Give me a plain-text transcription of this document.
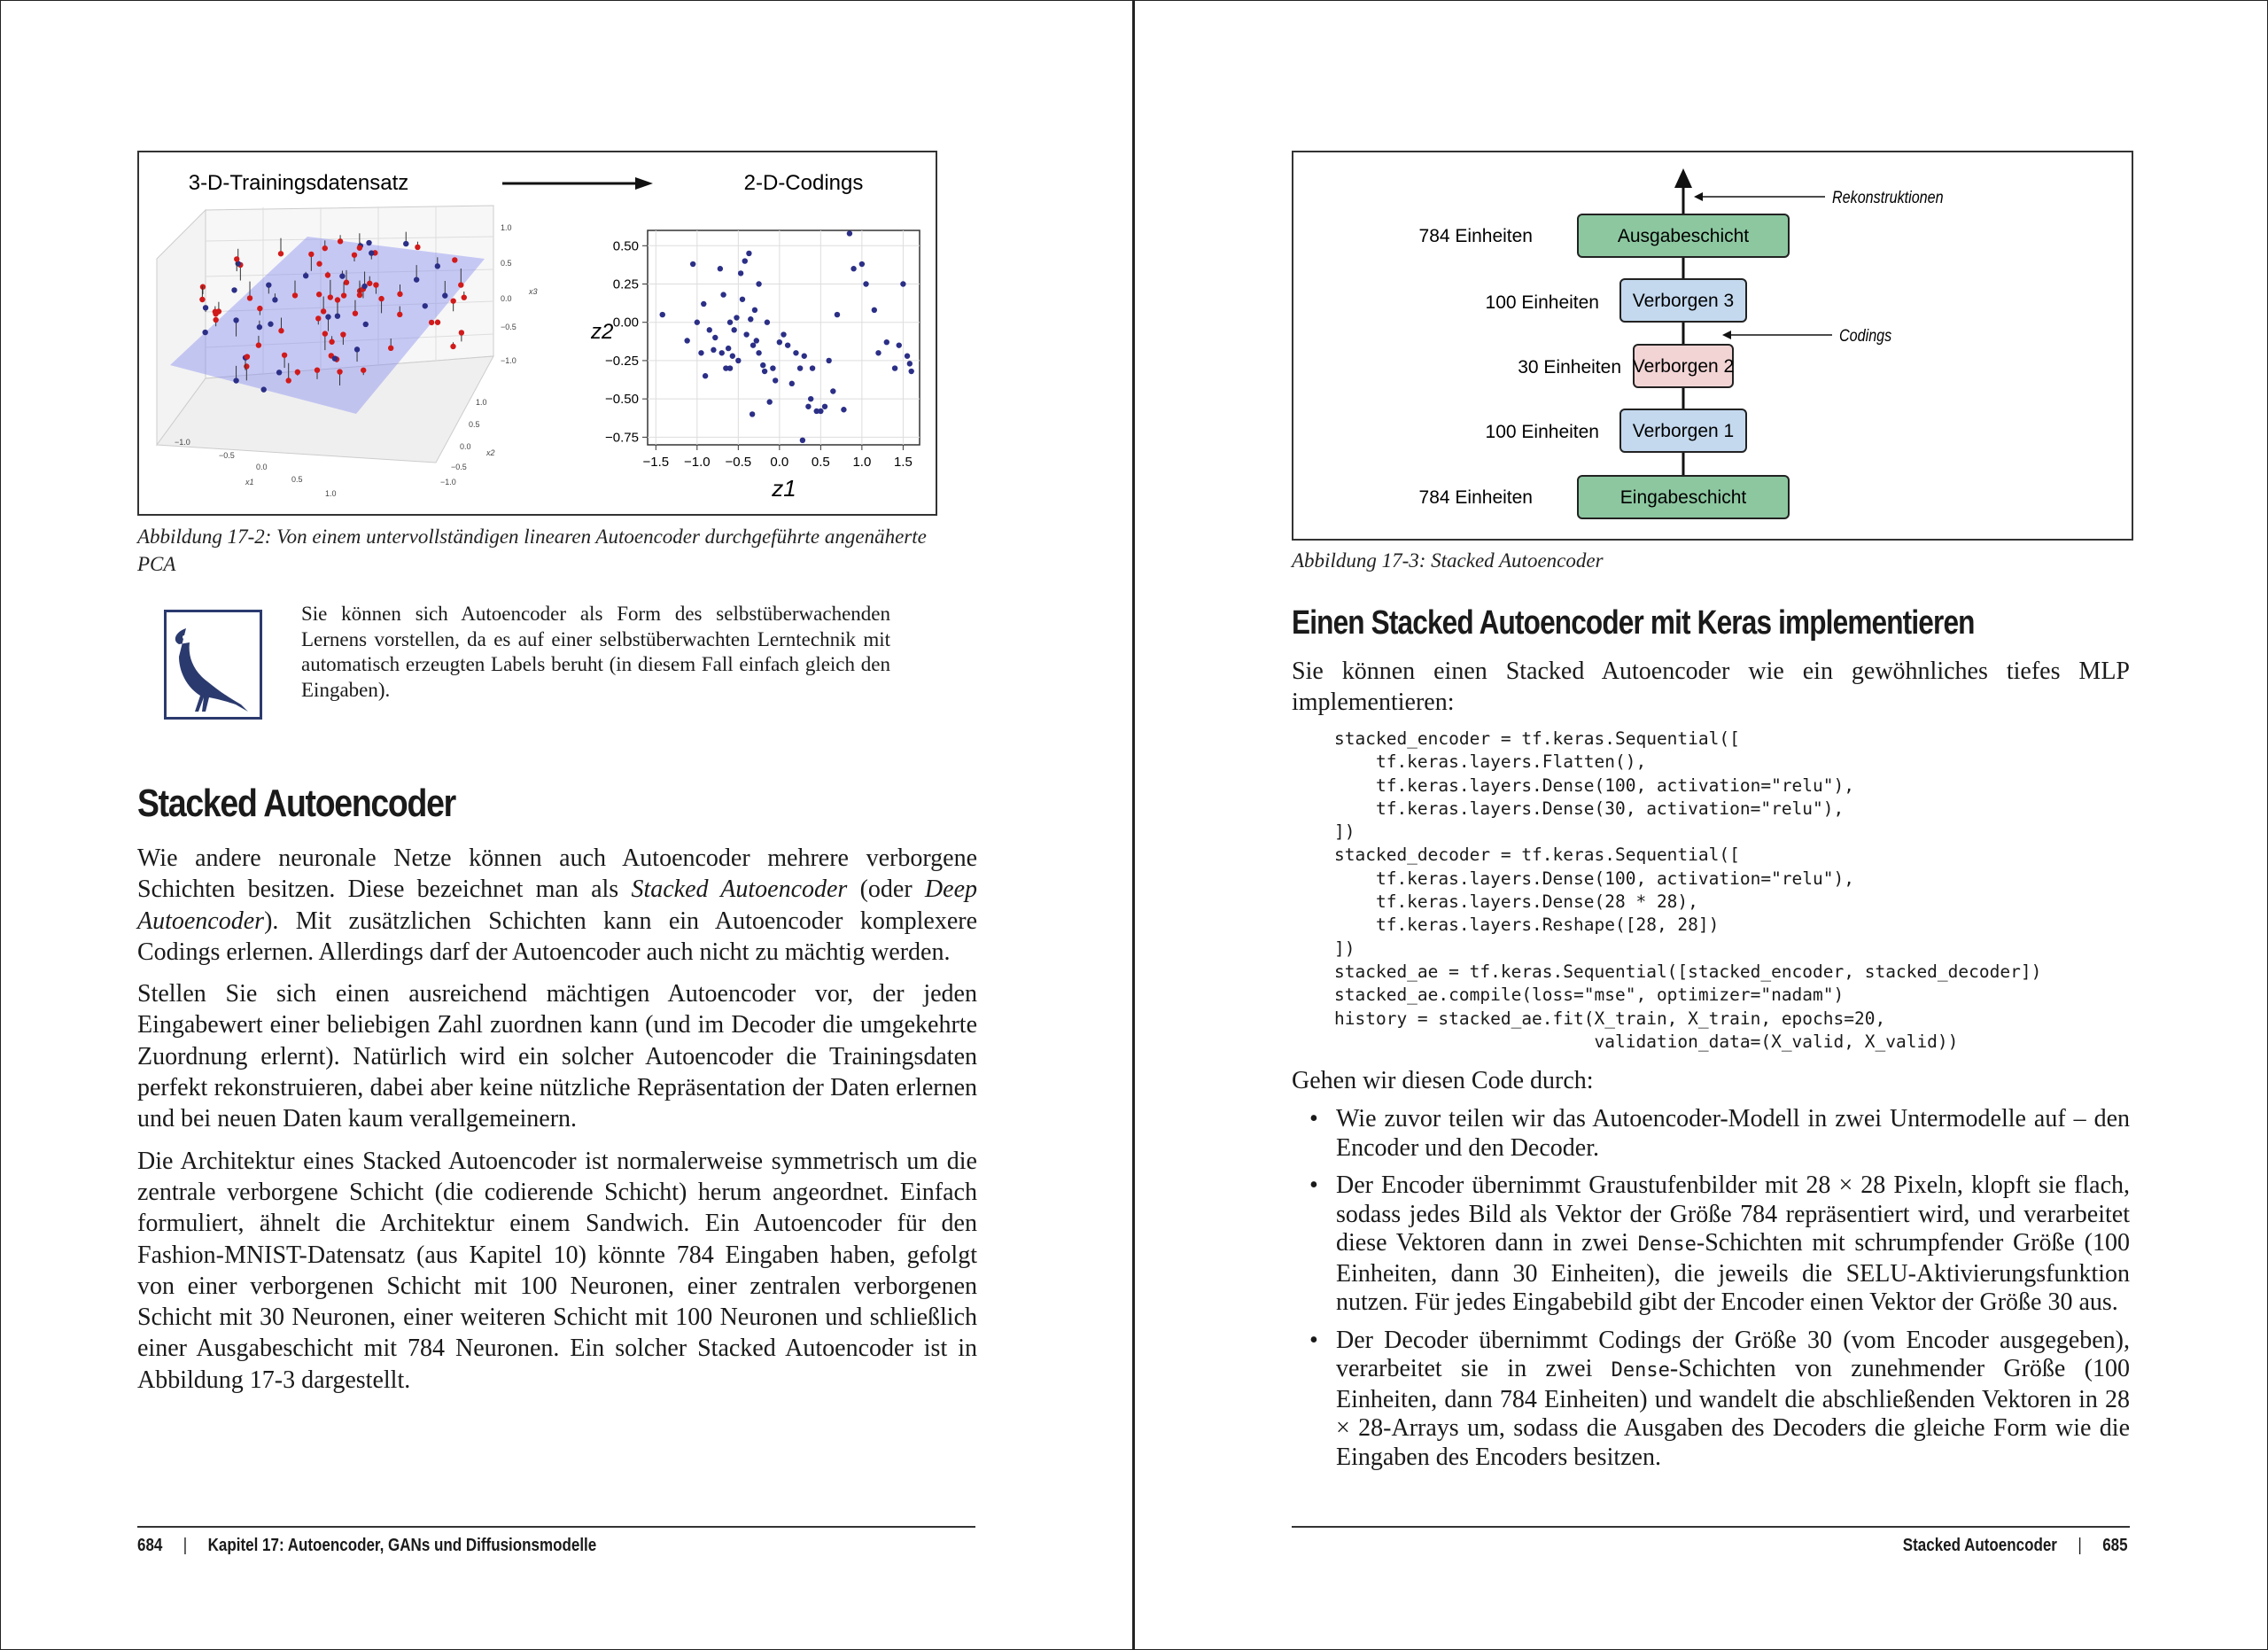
3-D-Trainingsdatensatz	2-D-Codings
1.0
0.5
0.0
−0.5
−1.0
x3
1.0
0.5
0.0
−0.5
−1.0
x2
−1.0
−0.5
0.0
0.5
1.0
x1
−1.5 −1.0 −0.5 0.0 0.5 1.0 1.5
0.50
0.25
0.00
−0.25
−0.50
−0.75
z2
z1
Abbildung 17-2: Von einem untervollständigen linearen Autoencoder durchgeführte angenäherte PCA
Sie können sich Autoencoder als Form des selbstüberwachenden Lernens vorstellen, da es auf einer selbstüberwachten Lerntechnik mit automatisch erzeugten Labels beruht (in diesem Fall einfach gleich den Eingaben).
Stacked Autoencoder

Wie andere neuronale Netze können auch Autoencoder mehrere verborgene Schichten besitzen. Diese bezeichnet man als Stacked Autoencoder (oder Deep Autoencoder). Mit zusätzlichen Schichten kann ein Autoencoder komplexere Codings erlernen. Allerdings darf der Autoencoder auch nicht zu mächtig werden.

Stellen Sie sich einen ausreichend mächtigen Autoencoder vor, der jeden Eingabewert einer beliebigen Zahl zuordnen kann (und im Decoder die umgekehrte Zuordnung erlernt). Natürlich wird ein solcher Autoencoder die Trainingsdaten perfekt rekonstruieren, dabei aber keine nützliche Repräsentation der Daten erlernen und bei neuen Daten kaum verallgemeinern.

Die Architektur eines Stacked Autoencoder ist normalerweise symmetrisch um die zentrale verborgene Schicht (die codierende Schicht) herum angeordnet. Einfach formuliert, ähnelt die Architektur einem Sandwich. Ein Autoencoder für den Fashion-MNIST-Datensatz (aus Kapitel 10) könnte 784 Eingaben haben, gefolgt von einer verborgenen Schicht mit 100 Neuronen, einer zentralen verborgenen Schicht mit 30 Neuronen, einer weiteren Schicht mit 100 Neuronen und schließlich einer Ausgabeschicht mit 784 Neuronen. Ein solcher Stacked Autoencoder ist in Abbildung 17-3 dargestellt.

684 | Kapitel 17: Autoencoder, GANs und Diffusionsmodelle
Rekonstruktionen
Codings
Ausgabeschicht
784 Einheiten
Verborgen 3
100 Einheiten
Verborgen 2
30 Einheiten
Verborgen 1
100 Einheiten
Eingabeschicht
784 Einheiten
Abbildung 17-3: Stacked Autoencoder
Einen Stacked Autoencoder mit Keras implementieren
Sie können einen Stacked Autoencoder wie ein gewöhnliches tiefes MLP implementieren:
stacked_encoder = tf.keras.Sequential([
tf.keras.layers.Flatten(),
tf.keras.layers.Dense(100, activation="relu"),
tf.keras.layers.Dense(30, activation="relu"),
])
stacked_decoder = tf.keras.Sequential([
tf.keras.layers.Dense(100, activation="relu"),
tf.keras.layers.Dense(28 * 28),
tf.keras.layers.Reshape([28, 28])
])
stacked_ae = tf.keras.Sequential([stacked_encoder, stacked_decoder])
stacked_ae.compile(loss="mse", optimizer="nadam")
history = stacked_ae.fit(X_train, X_train, epochs=20,
validation_data=(X_valid, X_valid))
Gehen wir diesen Code durch:
• Wie zuvor teilen wir das Autoencoder-Modell in zwei Untermodelle auf – den Encoder und den Decoder.
• Der Encoder übernimmt Graustufenbilder mit 28 × 28 Pixeln, klopft sie flach, sodass jedes Bild als Vektor der Größe 784 repräsentiert wird, und verarbeitet diese Vektoren dann in zwei Dense-Schichten mit schrumpfender Größe (100 Einheiten, dann 30 Einheiten), die jeweils die SELU-Aktivierungsfunktion nutzen. Für jedes Eingabebild gibt der Encoder einen Vektor der Größe 30 aus.
• Der Decoder übernimmt Codings der Größe 30 (vom Encoder ausgegeben), verarbeitet sie in zwei Dense-Schichten von zunehmender Größe (100 Einheiten, dann 784 Einheiten) und wandelt die abschließenden Vektoren in 28 × 28-Arrays um, sodass die Ausgaben des Decoders die gleiche Form wie die Eingaben des Encoders besitzen.
Stacked Autoencoder | 685
